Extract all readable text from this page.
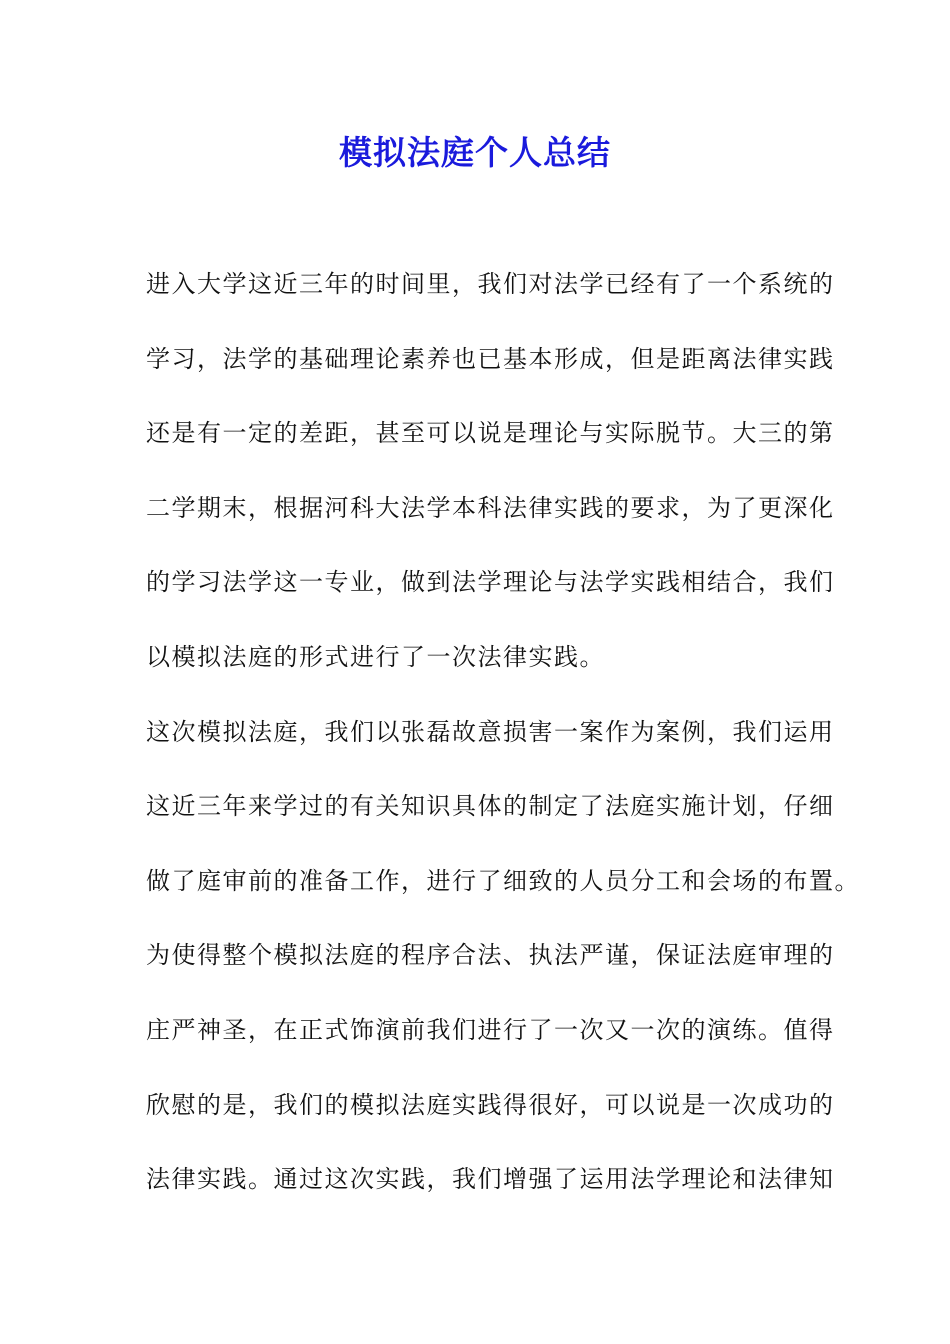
模拟法庭个人总结
进入大学这近三年的时间里，我们对法学已经有了一个系统的
学习，法学的基础理论素养也已基本形成，但是距离法律实践
还是有一定的差距，甚至可以说是理论与实际脱节。大三的第
二学期末，根据河科大法学本科法律实践的要求，为了更深化
的学习法学这一专业，做到法学理论与法学实践相结合，我们
以模拟法庭的形式进行了一次法律实践。
这次模拟法庭，我们以张磊故意损害一案作为案例，我们运用
这近三年来学过的有关知识具体的制定了法庭实施计划，仔细
做了庭审前的准备工作，进行了细致的人员分工和会场的布置。
为使得整个模拟法庭的程序合法、执法严谨，保证法庭审理的
庄严神圣，在正式饰演前我们进行了一次又一次的演练。值得
欣慰的是，我们的模拟法庭实践得很好，可以说是一次成功的
法律实践。通过这次实践，我们增强了运用法学理论和法律知
